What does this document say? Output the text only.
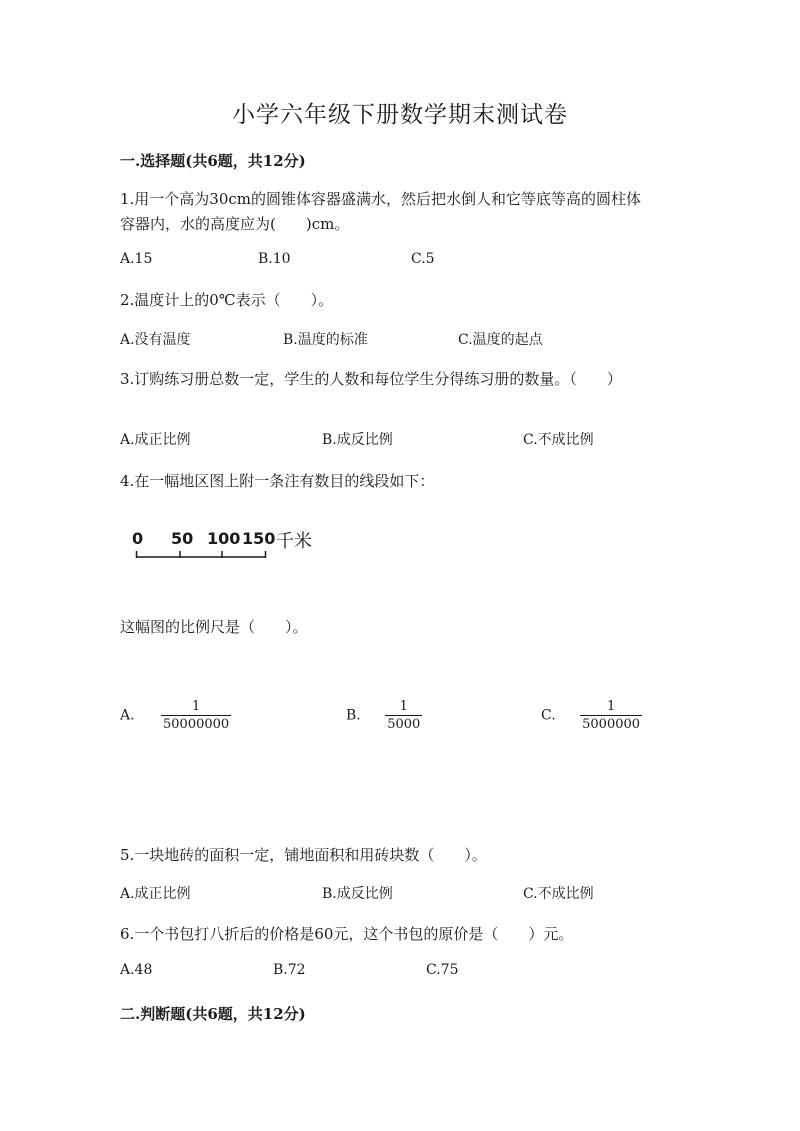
小学六年级下册数学期末测试卷
一.选择题(共6题，共12分)
1.用一个高为30cm的圆锥体容器盛满水，然后把水倒人和它等底等高的圆柱体
容器内，水的高度应为(　　)cm。
A.15	B.10	C.5
2.温度计上的0℃表示（　　）。
A.没有温度	B.温度的标准	C.温度的起点
3.订购练习册总数一定，学生的人数和每位学生分得练习册的数量。（　　）
A.成正比例	B.成反比例	C.不成比例
4.在一幅地区图上附一条注有数目的线段如下：
0 50 100 150 千米
这幅图的比例尺是（　　）。
A. $\frac{1}{50000000}$	B. $\frac{1}{5000}$	C. $\frac{1}{5000000}$
5.一块地砖的面积一定，铺地面积和用砖块数（　　）。
A.成正比例	B.成反比例	C.不成比例
6.一个书包打八折后的价格是60元，这个书包的原价是（　　）元。
A.48	B.72	C.75
二.判断题(共6题，共12分)
